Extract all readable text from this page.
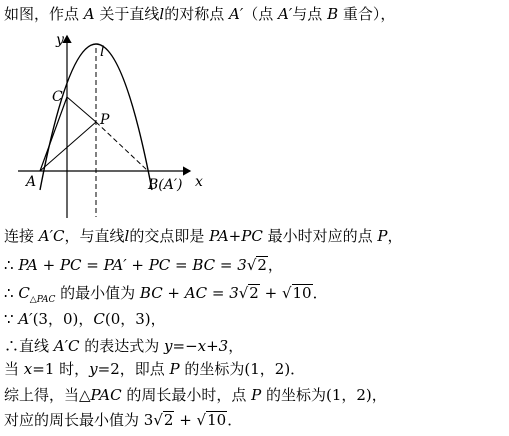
如图，作点 A 关于直线l的对称点 A′（点 A′与点 B 重合），
y
x
l
C
P
A	B(A′)
连接 A′C，与直线l的交点即是 PA+PC 最小时对应的点 P，
∴ PA + PC = PA′ + PC = BC = 3√2，
∴ $C_{\triangle PAC}$ 的最小值为 BC + AC = 3√2 + √10．
∵ A′(3，0)，C(0，3)，
∴直线 A′C 的表达式为 y=−x+3，
当 x=1 时，y=2，即点 P 的坐标为(1，2)．
综上得，当△PAC 的周长最小时，点 P 的坐标为(1，2)，
对应的周长最小值为 3√2 + √10．
